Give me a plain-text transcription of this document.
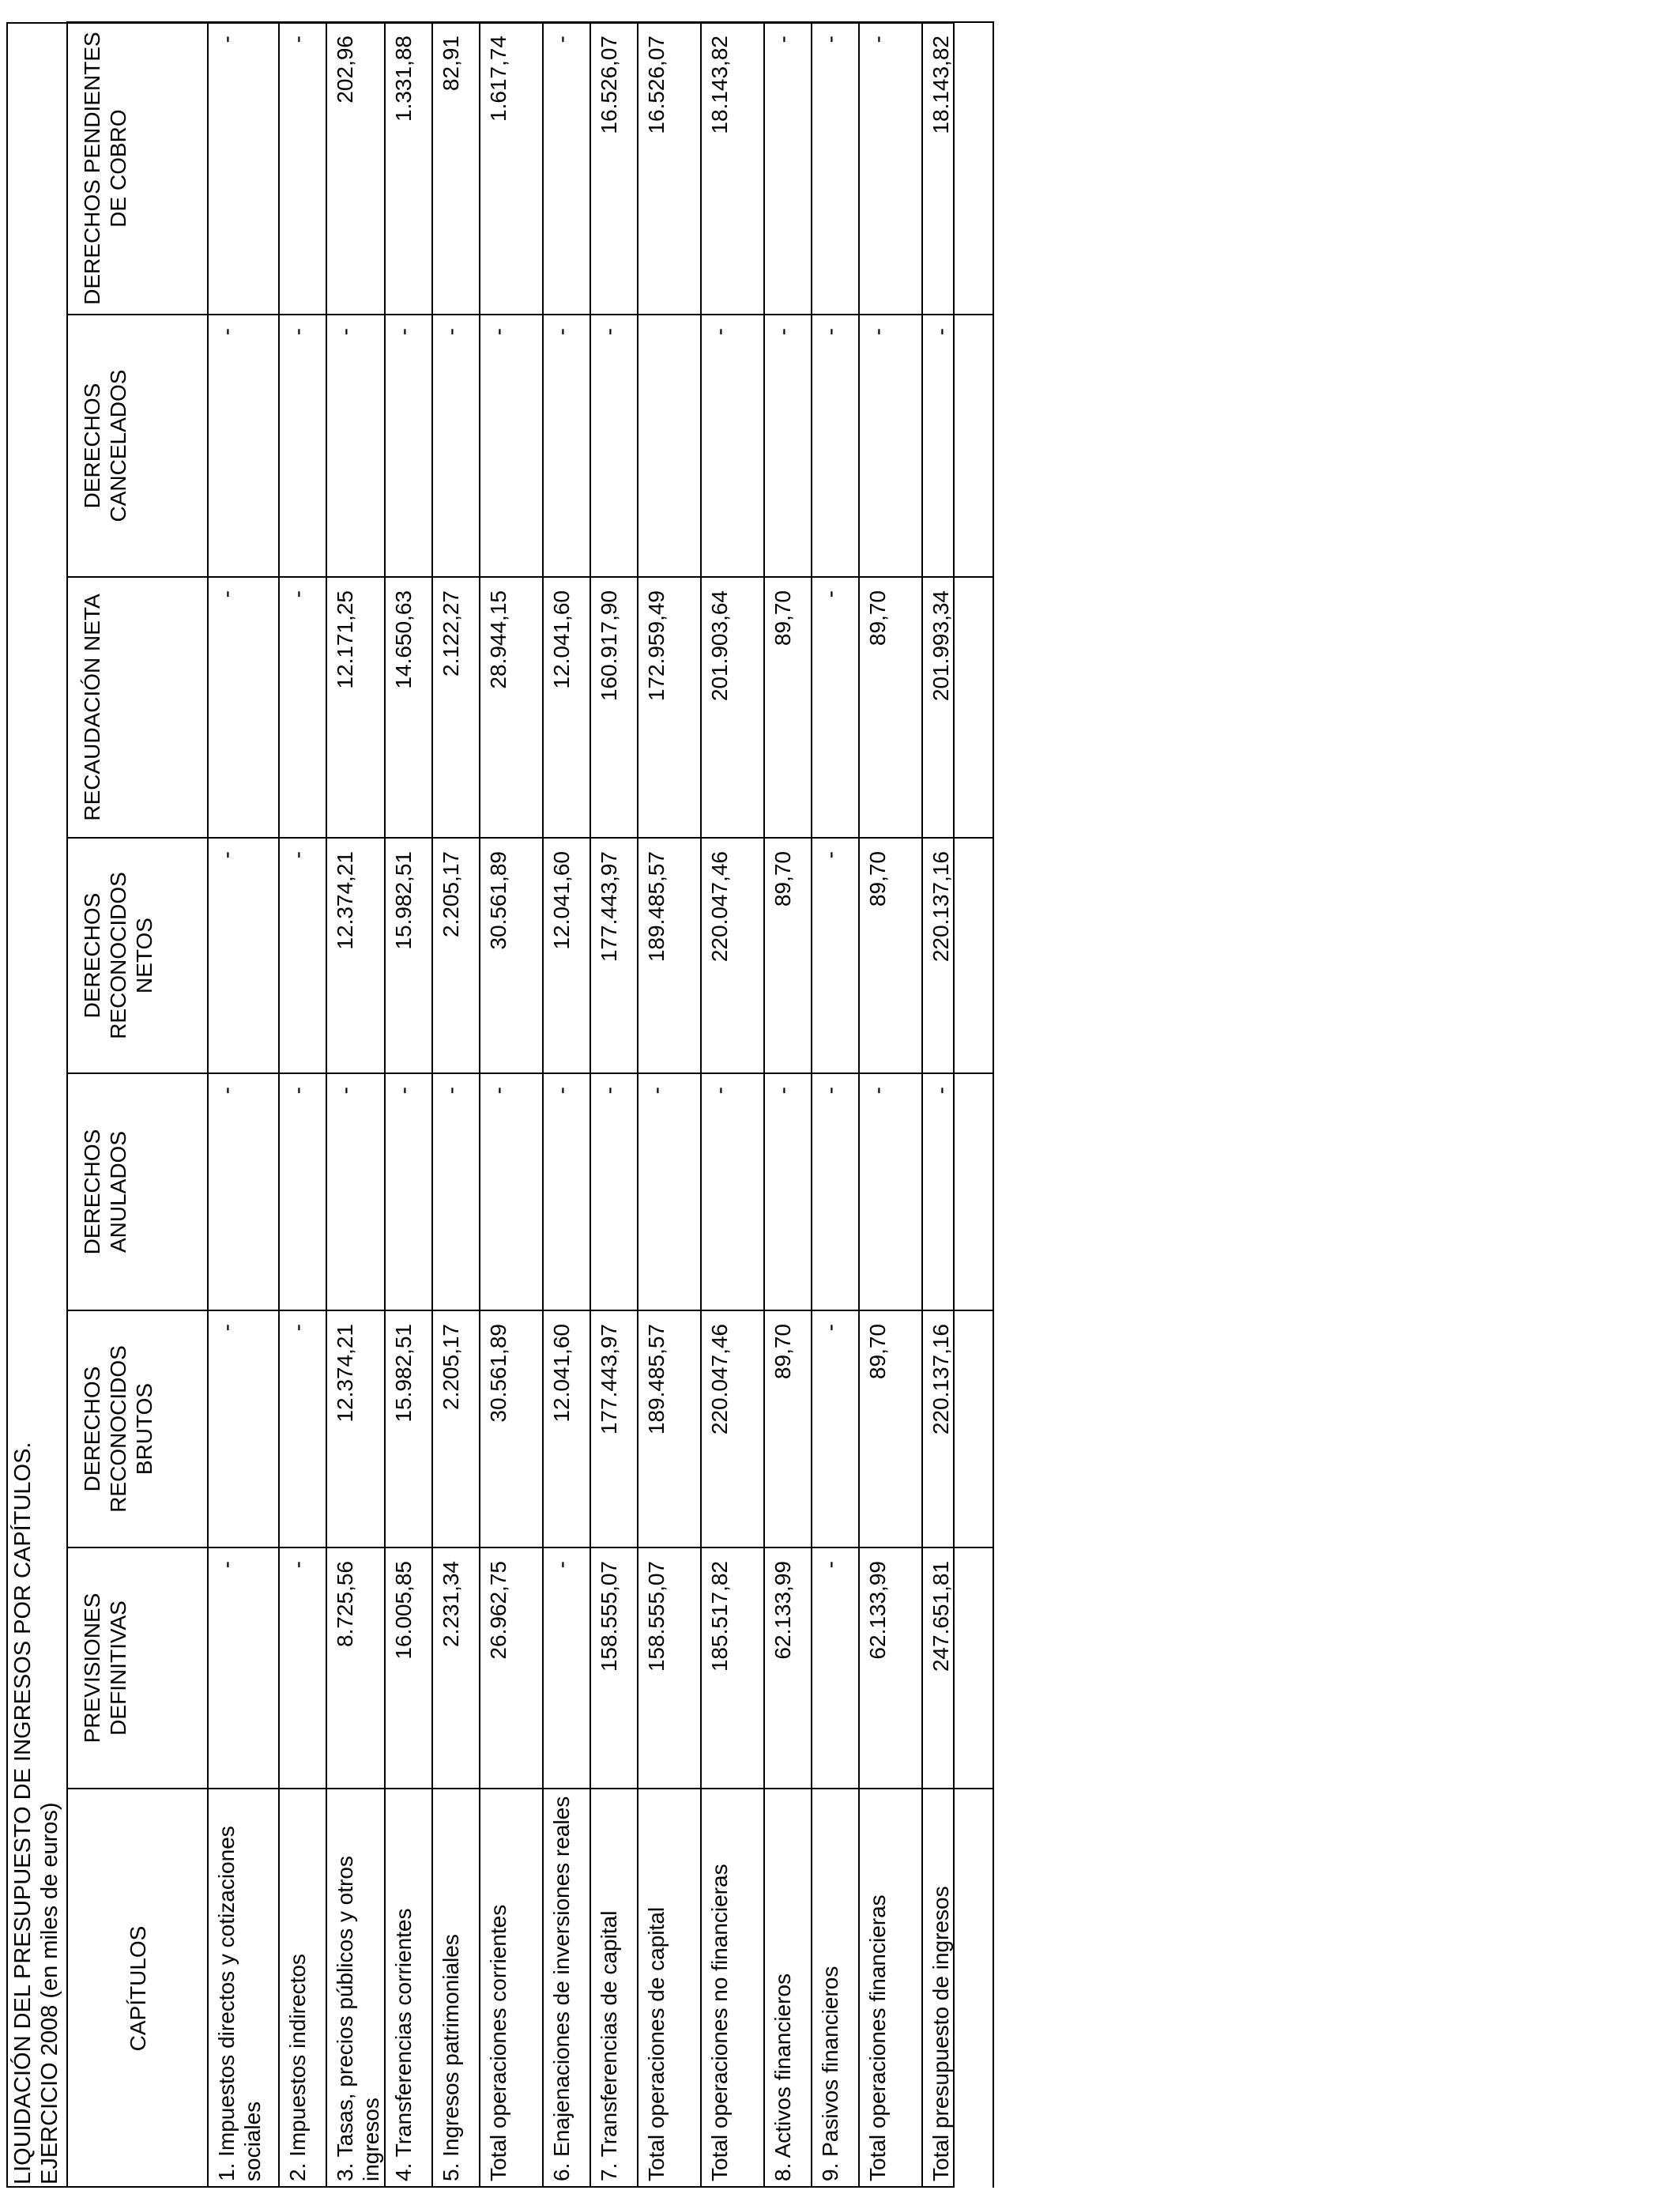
LIQUIDACIÓN DEL PRESUPUESTO DE INGRESOS POR CAPÍTULOS. EJERCICIO 2008 (en miles de euros)	CAPÍTULOS	PREVISIONES DEFINITIVAS	DERECHOS RECONOCIDOS BRUTOS	DERECHOS ANULADOS	DERECHOS RECONOCIDOS NETOS	RECAUDACIÓN NETA	DERECHOS CANCELADOS	DERECHOS PENDIENTES DE COBRO
1. Impuestos directos y cotizaciones sociales	-	-	-	-	-	-	-
2. Impuestos indirectos	-	-	-	-	-	-	-
3. Tasas, precios públicos y otros ingresos	8.725,56	12.374,21	-	12.374,21	12.171,25	-	202,96
4. Transferencias corrientes	16.005,85	15.982,51	-	15.982,51	14.650,63	-	1.331,88
5. Ingresos patrimoniales	2.231,34	2.205,17	-	2.205,17	2.122,27	-	82,91
Total operaciones corrientes	26.962,75	30.561,89	-	30.561,89	28.944,15	-	1.617,74
6. Enajenaciones de inversiones reales	-	12.041,60	-	12.041,60	12.041,60	-	-
7. Transferencias de capital	158.555,07	177.443,97	-	177.443,97	160.917,90	-	16.526,07
Total operaciones de capital	158.555,07	189.485,57	-	189.485,57	172.959,49		16.526,07
Total operaciones no financieras	185.517,82	220.047,46	-	220.047,46	201.903,64	-	18.143,82
8. Activos financieros	62.133,99	89,70	-	89,70	89,70	-	-
9. Pasivos financieros	-	-	-	-	-	-	-
Total operaciones financieras	62.133,99	89,70	-	89,70	89,70	-	-
Total presupuesto de ingresos	247.651,81	220.137,16	-	220.137,16	201.993,34	-	18.143,82
